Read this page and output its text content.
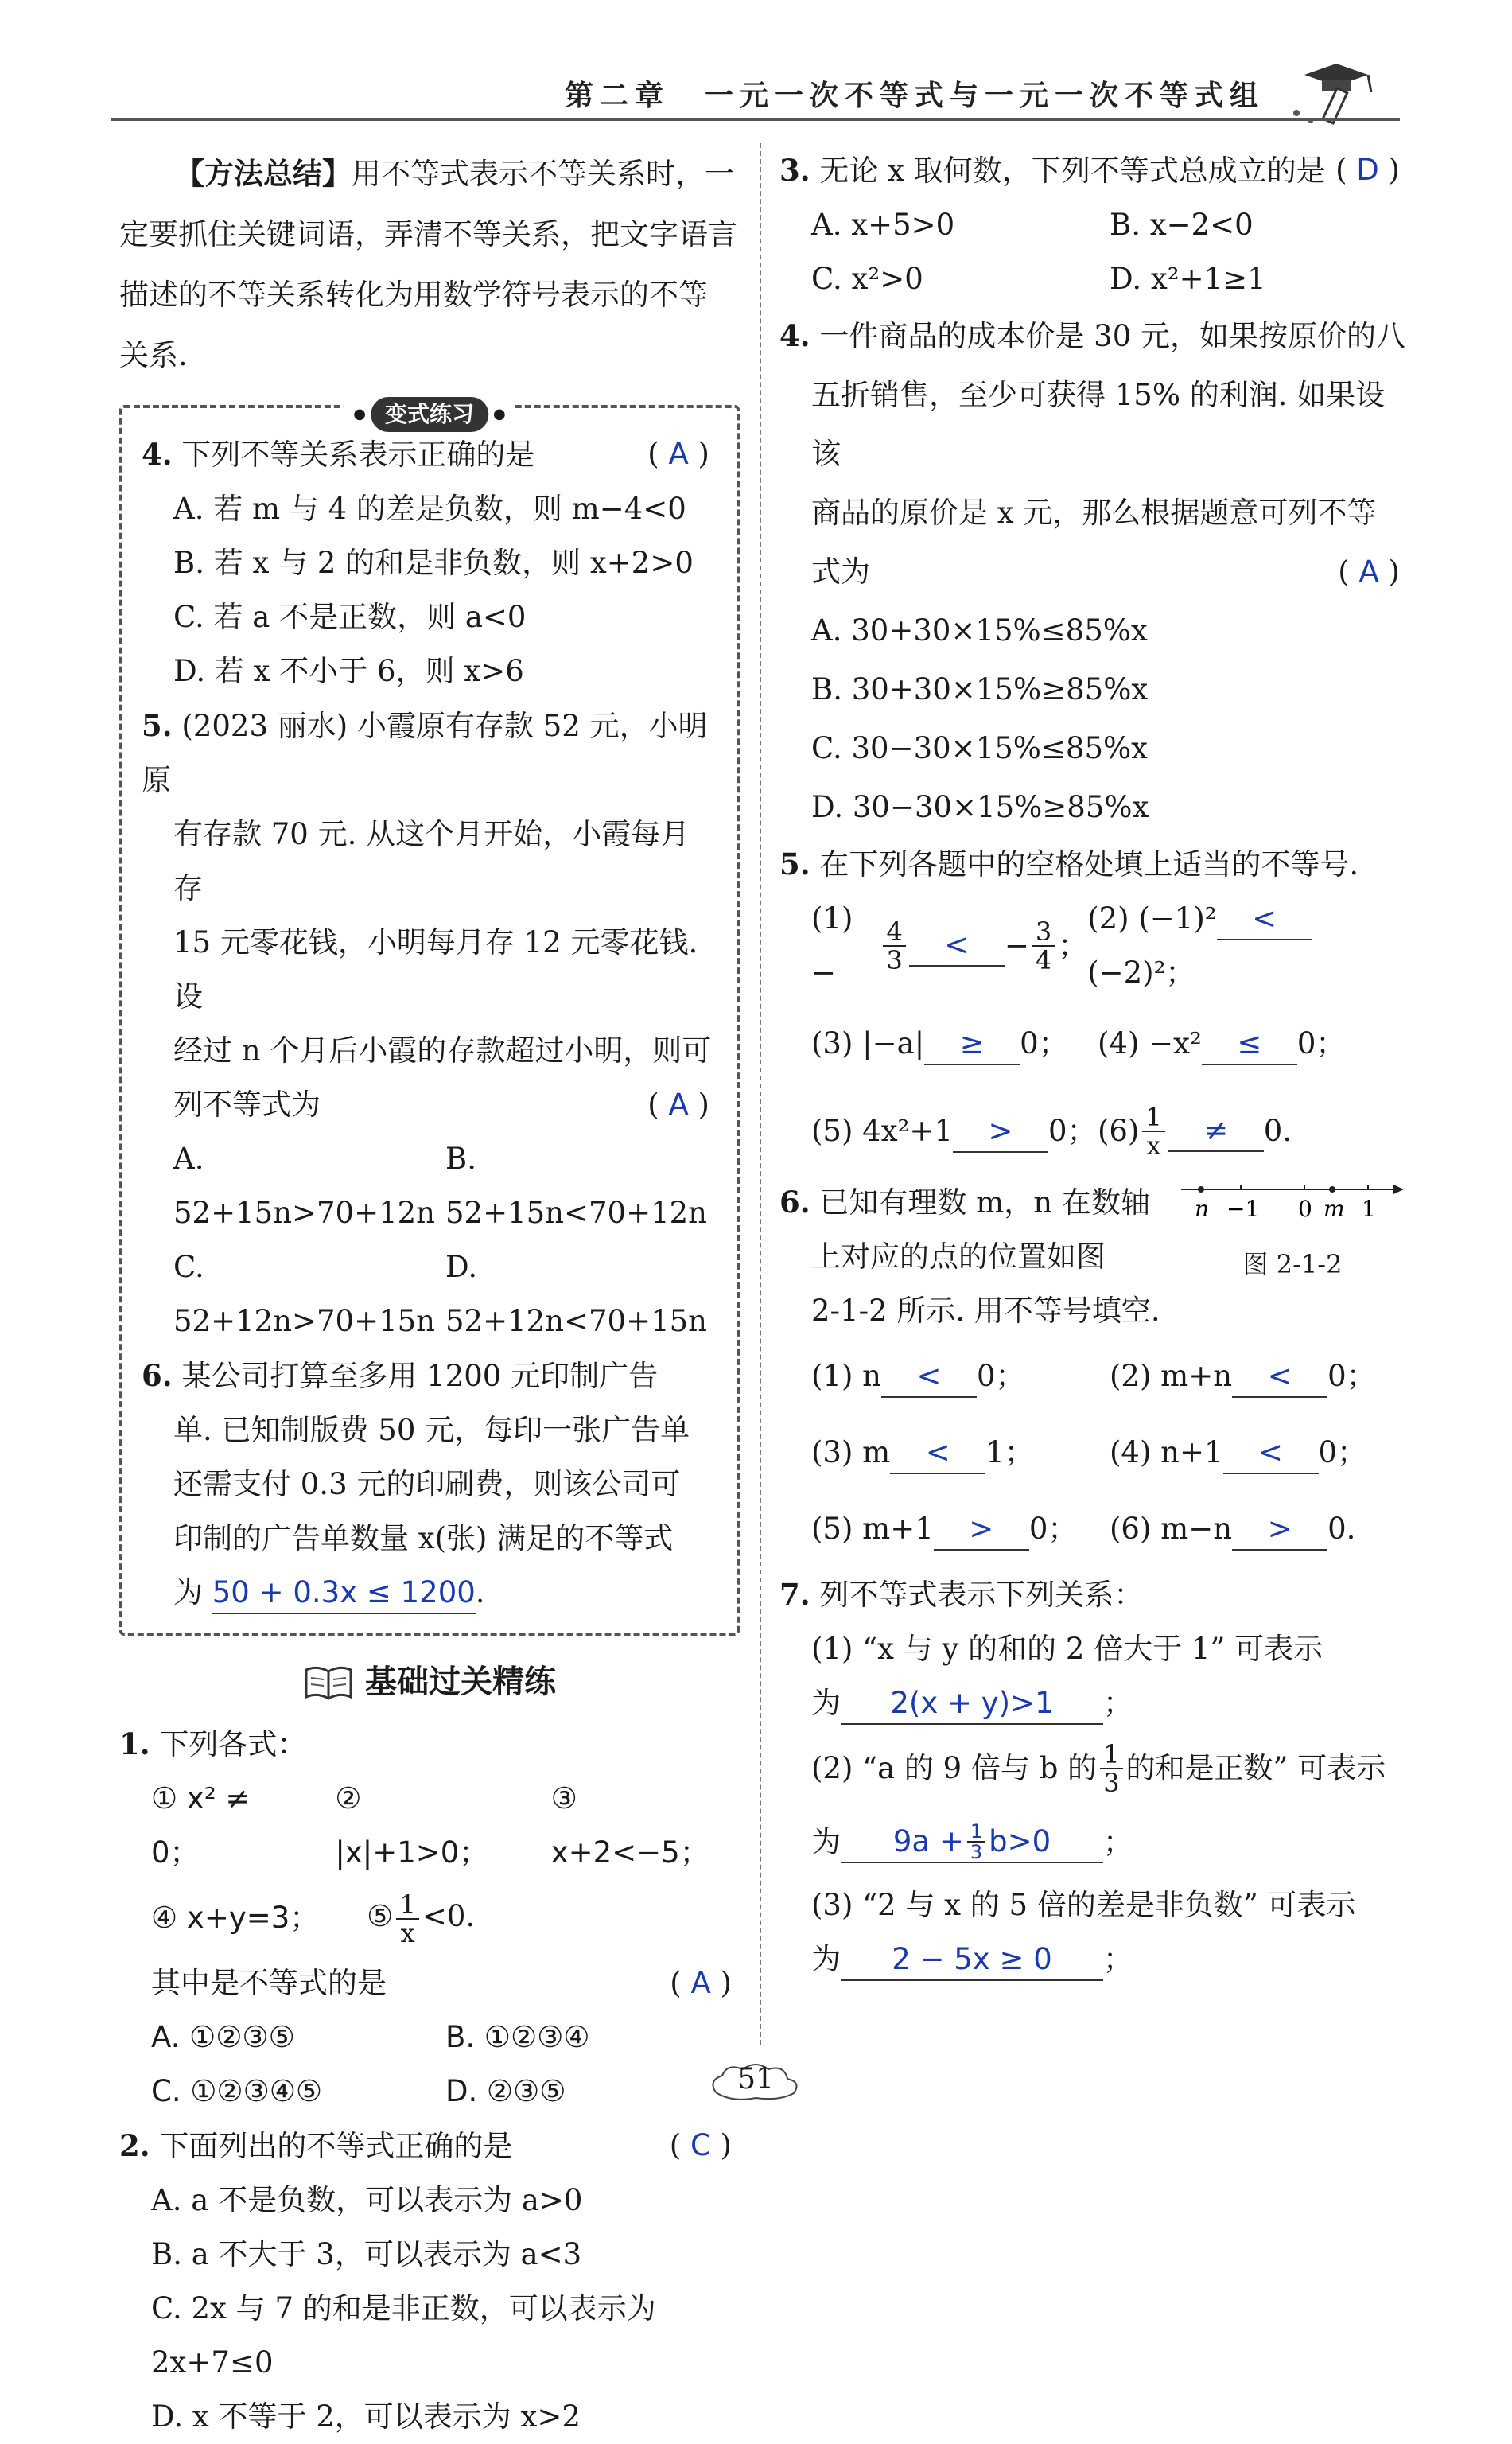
第二章　一元一次不等式与一元一次不等式组
【方法总结】用不等式表示不等关系时，一
定要抓住关键词语，弄清不等关系，把文字语言
描述的不等关系转化为用数学符号表示的不等
关系.
● 变式练习	●
4. 下列不等关系表示正确的是	( A )
A. 若 m 与 4 的差是负数，则 m−4<0
B. 若 x 与 2 的和是非负数，则 x+2>0
C. 若 a 不是正数，则 a<0
D. 若 x 不小于 6，则 x>6
5. (2023 丽水) 小霞原有存款 52 元，小明原
有存款 70 元. 从这个月开始，小霞每月存
15 元零花钱，小明每月存 12 元零花钱. 设
经过 n 个月后小霞的存款超过小明，则可
列不等式为	( A )
A. 52+15n>70+12n
B. 52+15n<70+12n
C. 52+12n>70+15n
D. 52+12n<70+15n
6. 某公司打算至多用 1200 元印制广告
单. 已知制版费 50 元，每印一张广告单
还需支付 0.3 元的印刷费，则该公司可
印制的广告单数量 x(张) 满足的不等式
为 50 + 0.3x ≤ 1200.
基础过关精练
1. 下列各式：
① x² ≠ 0；
② |x|+1>0；
③ x+2<−5；
④ x+y=3； ⑤ $\frac{1}{x} <0$.
其中是不等式的是	( A )
A. ①②③⑤	B. ①②③④
C. ①②③④⑤	D. ②③⑤
2. 下面列出的不等式正确的是	( C )
A. a 不是负数，可以表示为 a>0
B. a 不大于 3，可以表示为 a<3
C. 2x 与 7 的和是非正数，可以表示为 2x+7≤0
D. x 不等于 2，可以表示为 x>2
3. 无论 x 取何数，下列不等式总成立的是 ( D )
A. x+5>0	B. x−2<0
C. x²>0	D. x²+1≥1
4. 一件商品的成本价是 30 元，如果按原价的八
五折销售，至少可获得 15% 的利润. 如果设该
商品的原价是 x 元，那么根据题意可列不等
式为	( A )
A. 30+30×15%≤85%x
B. 30+30×15%≥85%x
C. 30−30×15%≤85%x
D. 30−30×15%≥85%x
5. 在下列各题中的空格处填上适当的不等号.
(1) −	$\frac{4}{3}$	<	− $\frac{3}{4}$ ；
(2) (−1)² <(−2)²；
(3) |−a| ≥ 0；	(4) −x² ≤ 0；
(5) 4x²+1 > 0； $(6) \frac{1}{x}$	≠	0.
6. 已知有理数 m，n 在数轴
上对应的点的位置如图
n −1 0 m 1
图 2-1-2
2-1-2 所示. 用不等号填空.
(1) n < 0；	(2) m+n < 0；
(3) m < 1；	(4) n+1 < 0；
(5) m+1 > 0；	(6) m−n > 0.
7. 列不等式表示下列关系：
(1) “x 与 y 的和的 2 倍大于 1” 可表示
为 2(x + y)>1 ；
(2) “a 的 9 倍与 b 的 $\frac{1}{3}$ 的和是正数” 可表示
为 $9a + \frac{1}{3} b>0$ ；
(3) “2 与 x 的 5 倍的差是非负数” 可表示
为 2 − 5x ≥ 0 ；
51
